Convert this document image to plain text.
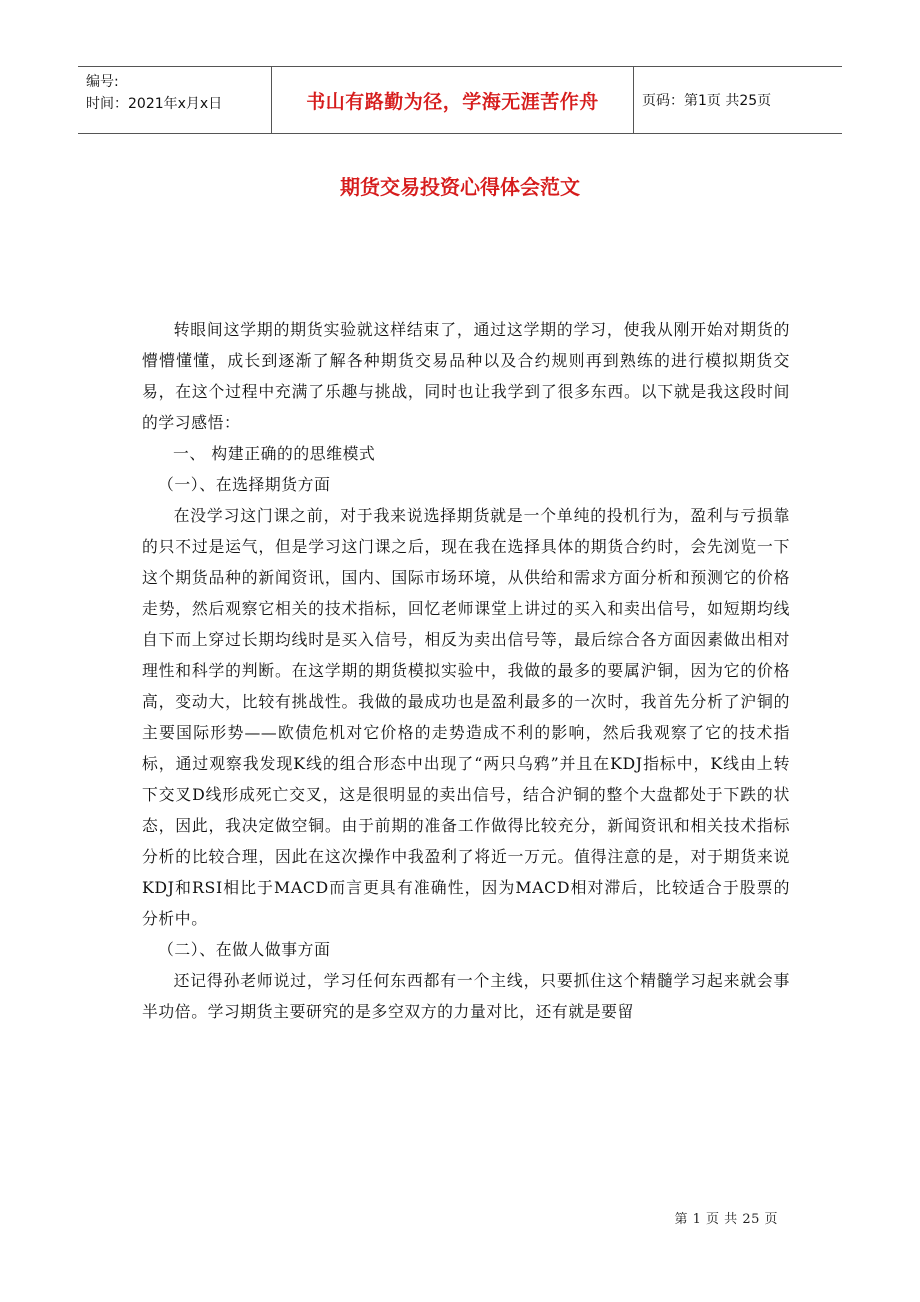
编号:
时间：2021年x月x日	书山有路勤为径，学海无涯苦作舟	页码：第1页 共25页
期货交易投资心得体会范文

转眼间这学期的期货实验就这样结束了，通过这学期的学习，使我从刚开始对期货的懵懵懂懂，成长到逐渐了解各种期货交易品种以及合约规则再到熟练的进行模拟期货交易，在这个过程中充满了乐趣与挑战，同时也让我学到了很多东西。以下就是我这段时间的学习感悟：

一、 构建正确的的思维模式

（一）、在选择期货方面

在没学习这门课之前，对于我来说选择期货就是一个单纯的投机行为，盈利与亏损靠的只不过是运气，但是学习这门课之后，现在我在选择具体的期货合约时，会先浏览一下这个期货品种的新闻资讯，国内、国际市场环境，从供给和需求方面分析和预测它的价格走势，然后观察它相关的技术指标，回忆老师课堂上讲过的买入和卖出信号，如短期均线自下而上穿过长期均线时是买入信号，相反为卖出信号等，最后综合各方面因素做出相对理性和科学的判断。在这学期的期货模拟实验中，我做的最多的要属沪铜，因为它的价格高，变动大，比较有挑战性。我做的最成功也是盈利最多的一次时，我首先分析了沪铜的主要国际形势——欧债危机对它价格的走势造成不利的影响，然后我观察了它的技术指标，通过观察我发现K线的组合形态中出现了“两只乌鸦”并且在KDJ指标中，K线由上转下交叉D线形成死亡交叉，这是很明显的卖出信号，结合沪铜的整个大盘都处于下跌的状态，因此，我决定做空铜。由于前期的准备工作做得比较充分，新闻资讯和相关技术指标分析的比较合理，因此在这次操作中我盈利了将近一万元。值得注意的是，对于期货来说KDJ和RSI相比于MACD而言更具有准确性，因为MACD相对滞后，比较适合于股票的分析中。

（二）、在做人做事方面

还记得孙老师说过，学习任何东西都有一个主线，只要抓住这个精髓学习起来就会事半功倍。学习期货主要研究的是多空双方的力量对比，还有就是要留

第 1 页 共 25 页
